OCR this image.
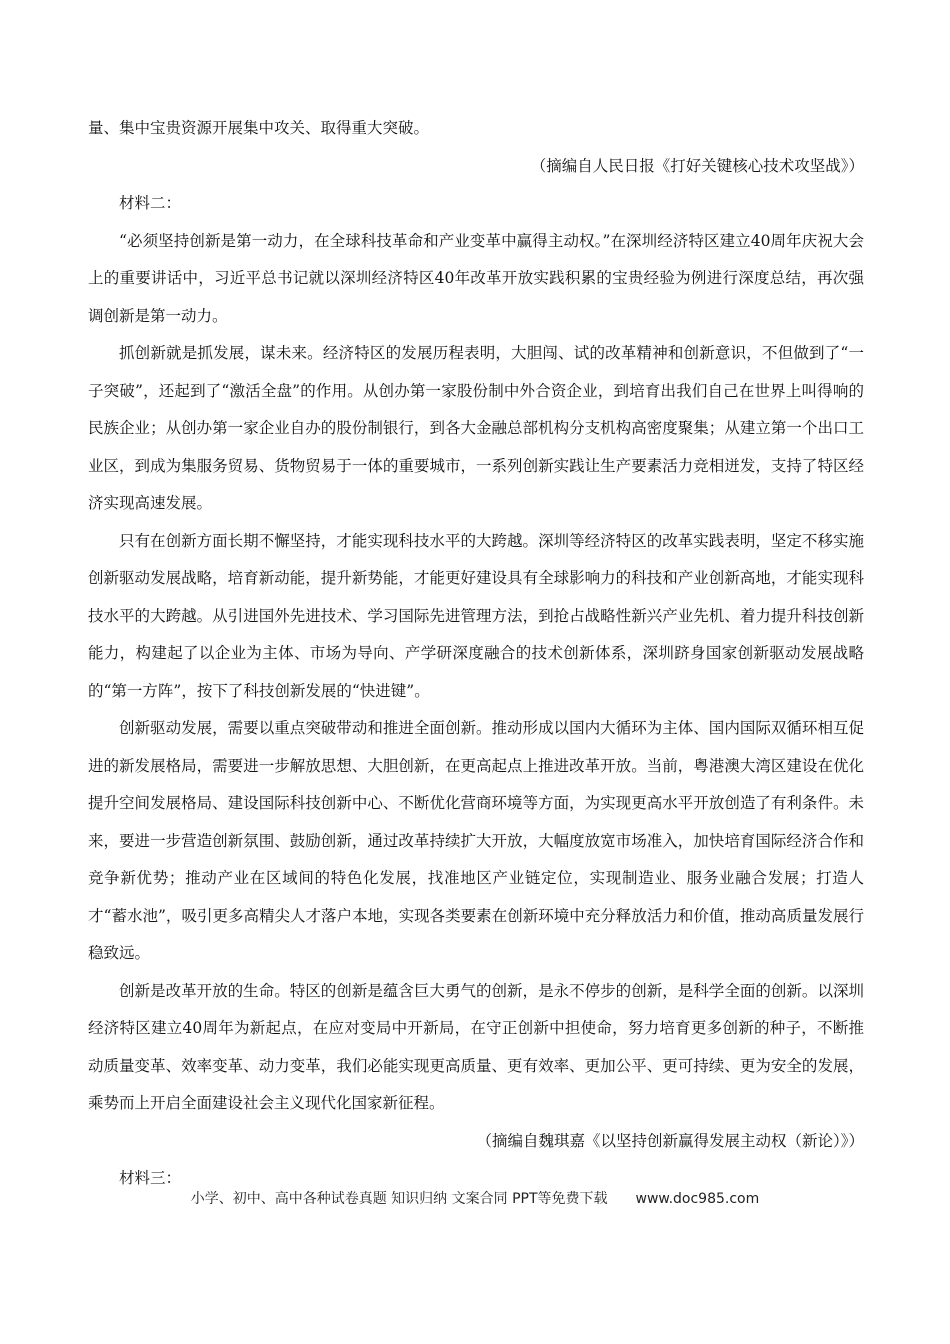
量、集中宝贵资源开展集中攻关、取得重大突破。

（摘编自人民日报《打好关键核心技术攻坚战》）

材料二：

“必须坚持创新是第一动力，在全球科技革命和产业变革中赢得主动权。”在深圳经济特区建立40周年庆祝大会上的重要讲话中，习近平总书记就以深圳经济特区40年改革开放实践积累的宝贵经验为例进行深度总结，再次强调创新是第一动力。

抓创新就是抓发展，谋未来。经济特区的发展历程表明，大胆闯、试的改革精神和创新意识，不但做到了“一子突破”，还起到了“激活全盘”的作用。从创办第一家股份制中外合资企业，到培育出我们自己在世界上叫得响的民族企业；从创办第一家企业自办的股份制银行，到各大金融总部机构分支机构高密度聚集；从建立第一个出口工业区，到成为集服务贸易、货物贸易于一体的重要城市，一系列创新实践让生产要素活力竞相迸发，支持了特区经济实现高速发展。

只有在创新方面长期不懈坚持，才能实现科技水平的大跨越。深圳等经济特区的改革实践表明，坚定不移实施创新驱动发展战略，培育新动能，提升新势能，才能更好建设具有全球影响力的科技和产业创新高地，才能实现科技水平的大跨越。从引进国外先进技术、学习国际先进管理方法，到抢占战略性新兴产业先机、着力提升科技创新能力，构建起了以企业为主体、市场为导向、产学研深度融合的技术创新体系，深圳跻身国家创新驱动发展战略的“第一方阵”，按下了科技创新发展的“快进键”。

创新驱动发展，需要以重点突破带动和推进全面创新。推动形成以国内大循环为主体、国内国际双循环相互促进的新发展格局，需要进一步解放思想、大胆创新，在更高起点上推进改革开放。当前，粤港澳大湾区建设在优化提升空间发展格局、建设国际科技创新中心、不断优化营商环境等方面，为实现更高水平开放创造了有利条件。未来，要进一步营造创新氛围、鼓励创新，通过改革持续扩大开放，大幅度放宽市场准入，加快培育国际经济合作和竞争新优势；推动产业在区域间的特色化发展，找准地区产业链定位，实现制造业、服务业融合发展；打造人才“蓄水池”，吸引更多高精尖人才落户本地，实现各类要素在创新环境中充分释放活力和价值，推动高质量发展行稳致远。

创新是改革开放的生命。特区的创新是蕴含巨大勇气的创新，是永不停步的创新，是科学全面的创新。以深圳经济特区建立40周年为新起点，在应对变局中开新局，在守正创新中担使命，努力培育更多创新的种子，不断推动质量变革、效率变革、动力变革，我们必能实现更高质量、更有效率、更加公平、更可持续、更为安全的发展，乘势而上开启全面建设社会主义现代化国家新征程。

（摘编自魏琪嘉《以坚持创新赢得发展主动权（新论）》）

材料三：

小学、初中、高中各种试卷真题 知识归纳 文案合同 PPT等免费下载 www.doc985.com
